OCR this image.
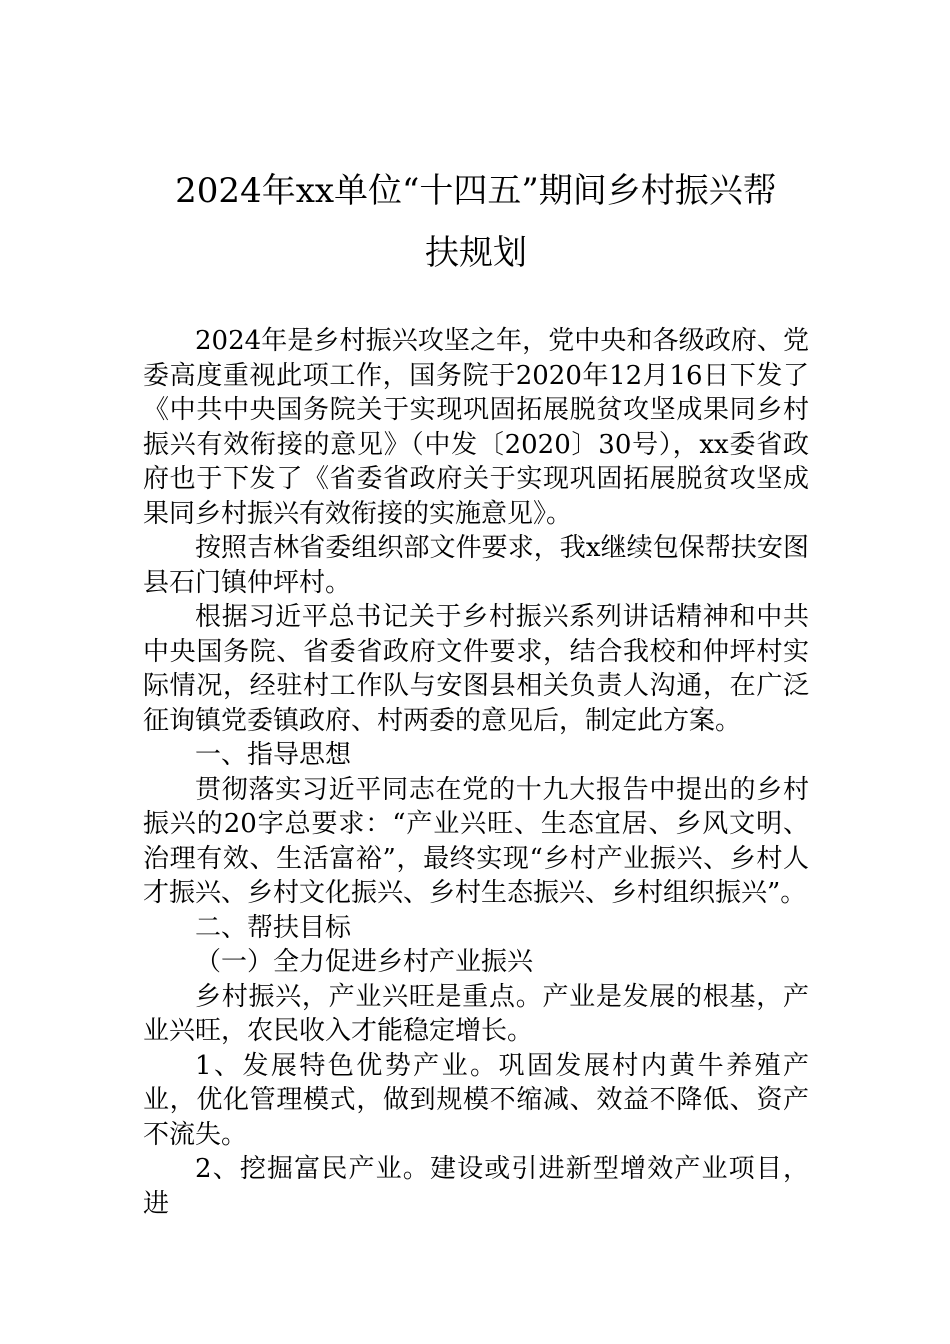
2024年xx单位“十四五”期间乡村振兴帮
扶规划

2024年是乡村振兴攻坚之年，党中央和各级政府、党委高度重视此项工作，国务院于2020年12月16日下发了《中共中央国务院关于实现巩固拓展脱贫攻坚成果同乡村振兴有效衔接的意见》（中发〔2020〕30号），xx委省政府也于下发了《省委省政府关于实现巩固拓展脱贫攻坚成果同乡村振兴有效衔接的实施意见》。

按照吉林省委组织部文件要求，我x继续包保帮扶安图县石门镇仲坪村。

根据习近平总书记关于乡村振兴系列讲话精神和中共中央国务院、省委省政府文件要求，结合我校和仲坪村实际情况，经驻村工作队与安图县相关负责人沟通，在广泛征询镇党委镇政府、村两委的意见后，制定此方案。

一、指导思想

贯彻落实习近平同志在党的十九大报告中提出的乡村振兴的20字总要求：“产业兴旺、生态宜居、乡风文明、治理有效、生活富裕”，最终实现“乡村产业振兴、乡村人才振兴、乡村文化振兴、乡村生态振兴、乡村组织振兴”。

二、帮扶目标

（一）全力促进乡村产业振兴

乡村振兴，产业兴旺是重点。产业是发展的根基，产业兴旺，农民收入才能稳定增长。

1、发展特色优势产业。巩固发展村内黄牛养殖产业，优化管理模式，做到规模不缩减、效益不降低、资产不流失。

2、挖掘富民产业。建设或引进新型增效产业项目，进
